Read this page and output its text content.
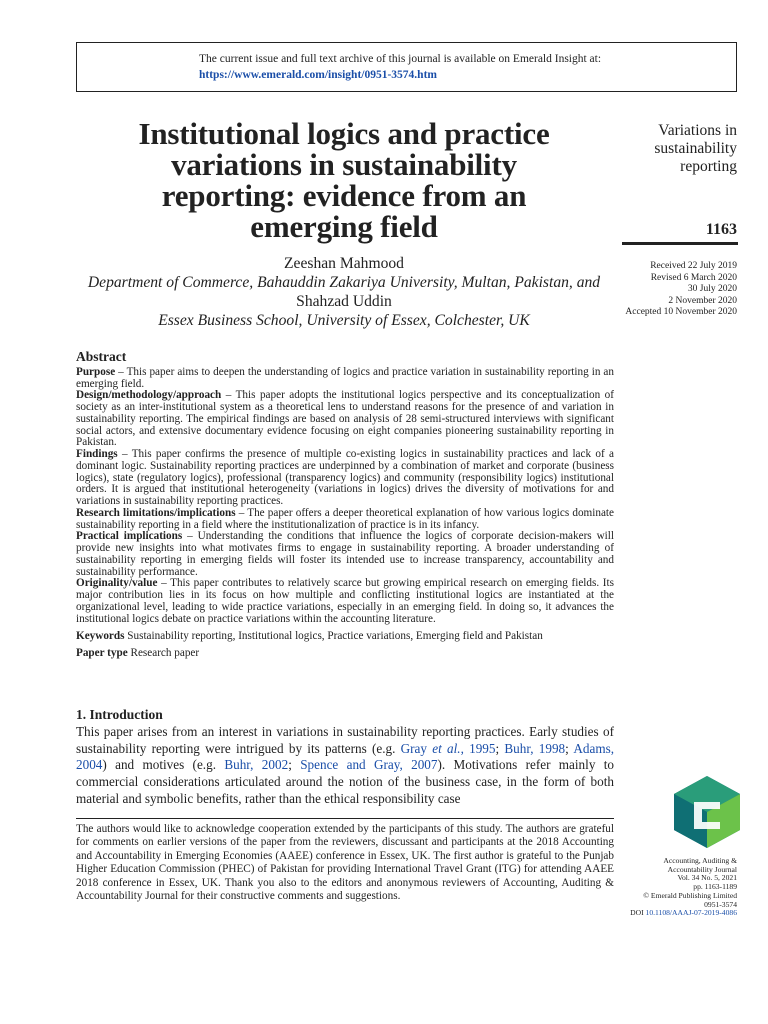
The current issue and full text archive of this journal is available on Emerald Insight at:
https://www.emerald.com/insight/0951-3574.htm
Institutional logics and practice
variations in sustainability
reporting: evidence from an
emerging field
Variations in
sustainability
reporting
1163
Received 22 July 2019
Revised 6 March 2020
30 July 2020
2 November 2020
Accepted 10 November 2020
Zeeshan Mahmood
Department of Commerce, Bahauddin Zakariya University, Multan, Pakistan, and
Shahzad Uddin
Essex Business School, University of Essex, Colchester, UK
Abstract

Purpose – This paper aims to deepen the understanding of logics and practice variation in sustainability reporting in an emerging field.

Design/methodology/approach – This paper adopts the institutional logics perspective and its conceptualization of society as an inter-institutional system as a theoretical lens to understand reasons for the presence of and variation in sustainability reporting. The empirical findings are based on analysis of 28 semi-structured interviews with significant social actors, and extensive documentary evidence focusing on eight companies pioneering sustainability reporting in Pakistan.

Findings – This paper confirms the presence of multiple co-existing logics in sustainability practices and lack of a dominant logic. Sustainability reporting practices are underpinned by a combination of market and corporate (business logics), state (regulatory logics), professional (transparency logics) and community (responsibility logics) institutional orders. It is argued that institutional heterogeneity (variations in logics) drives the diversity of motivations for and variations in sustainability reporting practices.

Research limitations/implications – The paper offers a deeper theoretical explanation of how various logics dominate sustainability reporting in a field where the institutionalization of practice is in its infancy.

Practical implications – Understanding the conditions that influence the logics of corporate decision-makers will provide new insights into what motivates firms to engage in sustainability reporting. A broader understanding of sustainability reporting in emerging fields will foster its intended use to increase transparency, accountability and sustainability performance.

Originality/value – This paper contributes to relatively scarce but growing empirical research on emerging fields. Its major contribution lies in its focus on how multiple and conflicting institutional logics are instantiated at the organizational level, leading to wide practice variations, especially in an emerging field. In doing so, it advances the institutional logics debate on practice variations within the accounting literature.

Keywords Sustainability reporting, Institutional logics, Practice variations, Emerging field and Pakistan
Paper type Research paper
1. Introduction

This paper arises from an interest in variations in sustainability reporting practices. Early studies of sustainability reporting were intrigued by its patterns (e.g. Gray et al., 1995; Buhr, 1998; Adams, 2004) and motives (e.g. Buhr, 2002; Spence and Gray, 2007). Motivations refer mainly to commercial considerations articulated around the notion of the business case, in the form of both material and symbolic benefits, rather than the ethical responsibility case

The authors would like to acknowledge cooperation extended by the participants of this study. The authors are grateful for comments on earlier versions of the paper from the reviewers, discussant and participants at the 2018 Accounting and Accountability in Emerging Economies (AAEE) conference in Essex, UK. The first author is grateful to the Punjab Higher Education Commission (PHEC) of Pakistan for providing International Travel Grant (ITG) for attending AAEE 2018 conference in Essex, UK. Thank you also to the editors and anonymous reviewers of Accounting, Auditing & Accountability Journal for their constructive comments and suggestions.

Accounting, Auditing &
Accountability Journal
Vol. 34 No. 5, 2021
pp. 1163-1189
© Emerald Publishing Limited
0951-3574
DOI 10.1108/AAAJ-07-2019-4086
